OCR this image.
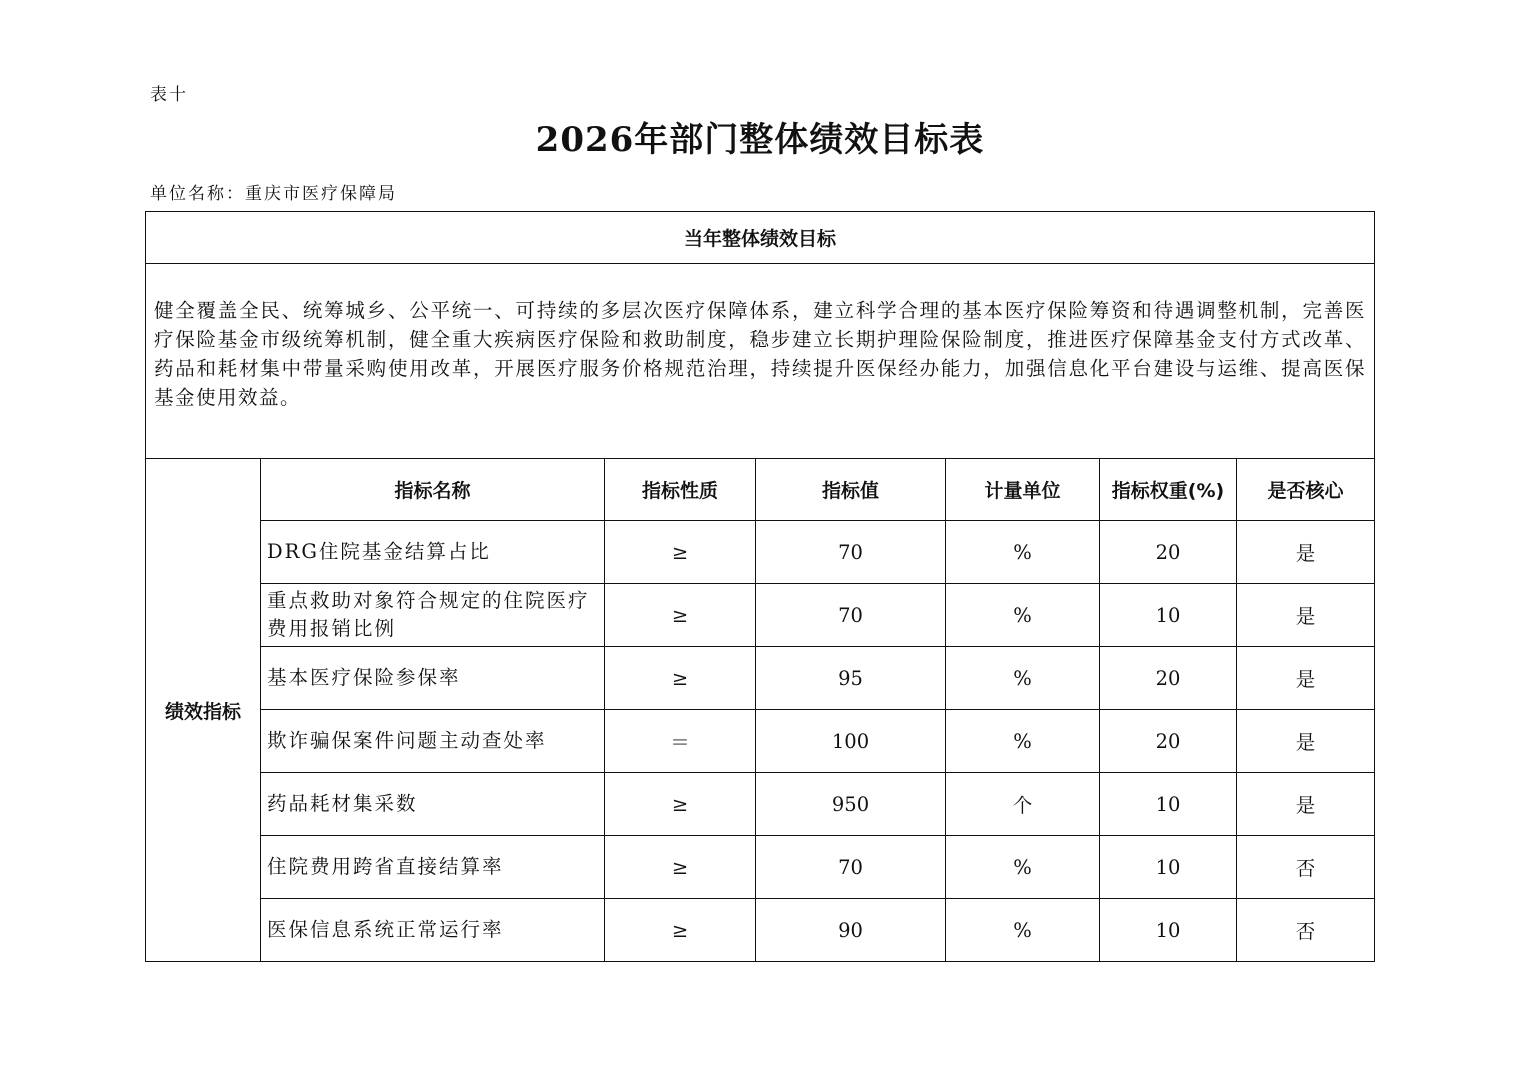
表十
2026年部门整体绩效目标表
单位名称：重庆市医疗保障局
当年整体绩效目标						

健全覆盖全民、统筹城乡、公平统一、可持续的多层次医疗保障体系，建立科学合理的基本医疗保险筹资和待遇调整机制，完善医疗保险基金市级统筹机制，健全重大疾病医疗保险和救助制度，稳步建立长期护理险保险制度，推进医疗保障基金支付方式改革、药品和耗材集中带量采购使用改革，开展医疗服务价格规范治理，持续提升医保经办能力，加强信息化平台建设与运维、提高医保基金使用效益。						

绩效指标	指标名称	指标性质	指标值	计量单位	指标权重(%)	是否核心
	DRG住院基金结算占比	≥	70	%	20	是
	重点救助对象符合规定的住院医疗费用报销比例	≥	70	%	10	是
	基本医疗保险参保率	≥	95	%	20	是
	欺诈骗保案件问题主动查处率	＝	100	%	20	是
	药品耗材集采数	≥	950	个	10	是
	住院费用跨省直接结算率	≥	70	%	10	否
	医保信息系统正常运行率	≥	90	%	10	否
